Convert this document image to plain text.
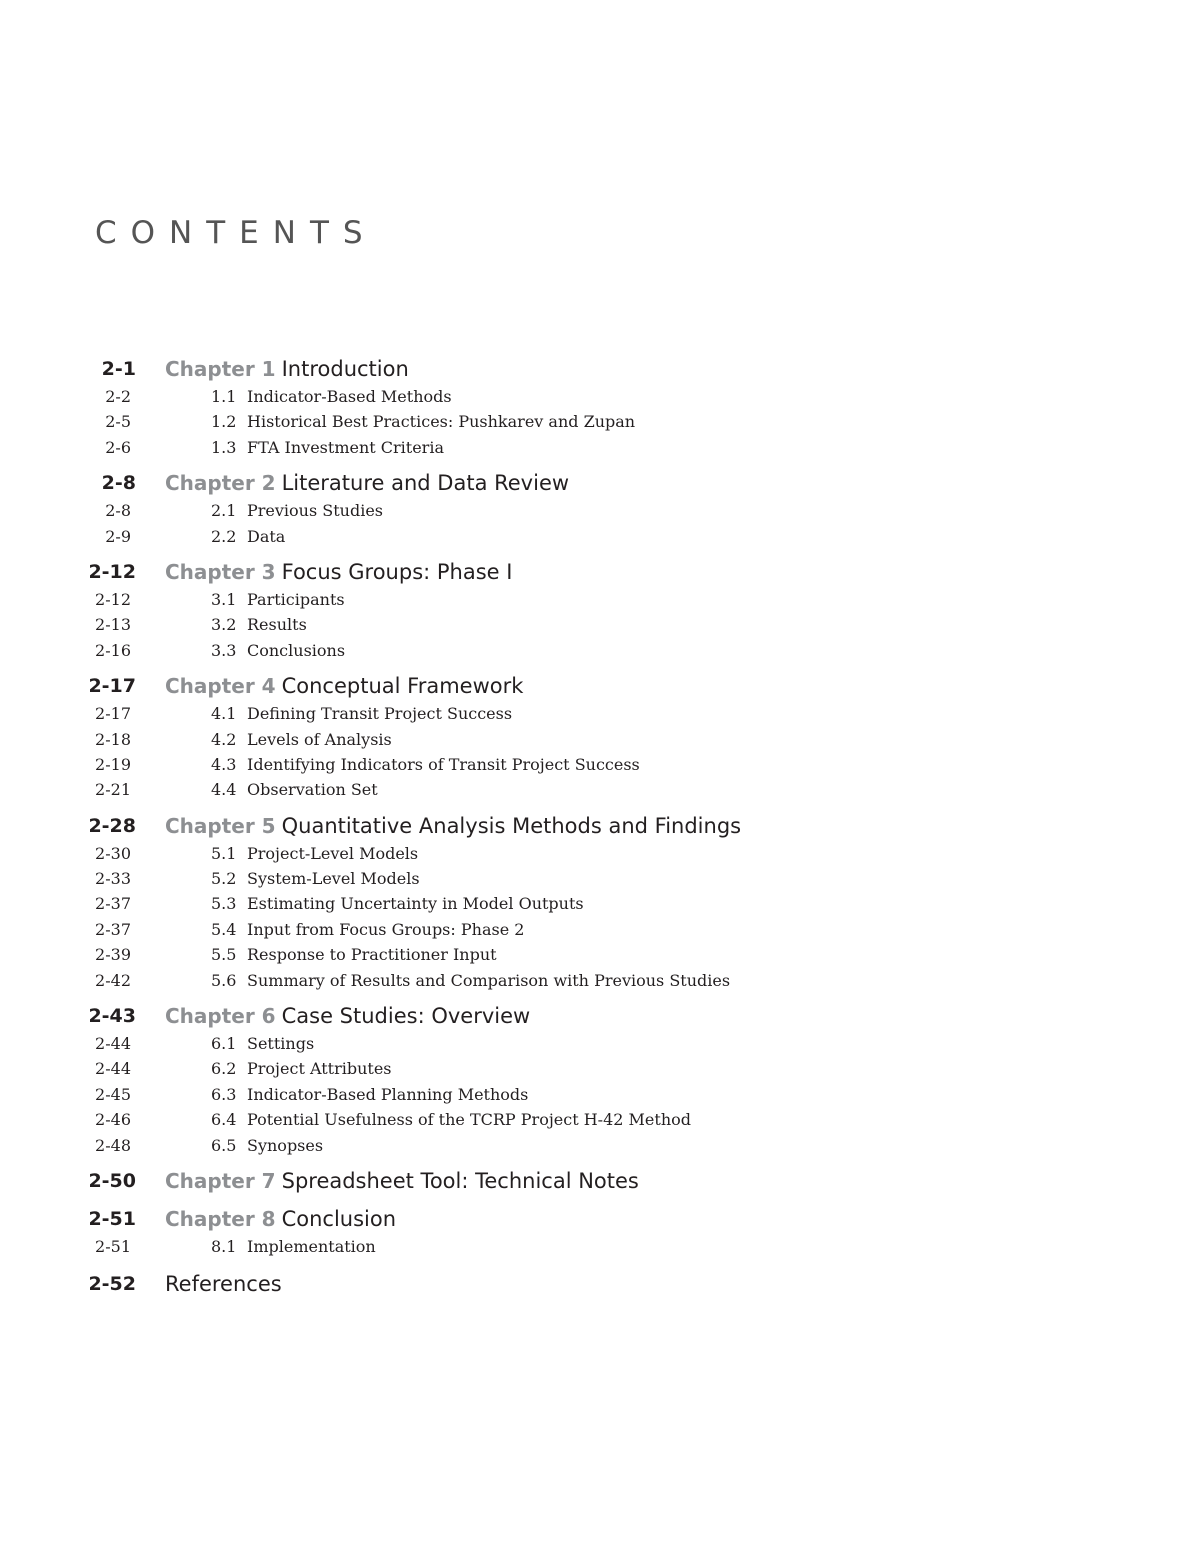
CONTENTS
2-1 Chapter 1 Introduction
2-2	1.1 Indicator-Based Methods
2-5	1.2 Historical Best Practices: Pushkarev and Zupan
2-6	1.3 FTA Investment Criteria
2-8 Chapter 2 Literature and Data Review
2-8	2.1 Previous Studies
2-9	2.2 Data
2-12 Chapter 3 Focus Groups: Phase I
2-12	3.1 Participants
2-13	3.2 Results
2-16	3.3 Conclusions
2-17 Chapter 4 Conceptual Framework
2-17	4.1 Defining Transit Project Success
2-18	4.2 Levels of Analysis
2-19	4.3 Identifying Indicators of Transit Project Success
2-21	4.4 Observation Set
2-28 Chapter 5 Quantitative Analysis Methods and Findings
2-30	5.1 Project-Level Models
2-33	5.2 System-Level Models
2-37	5.3 Estimating Uncertainty in Model Outputs
2-37	5.4 Input from Focus Groups: Phase 2
2-39	5.5 Response to Practitioner Input
2-42	5.6 Summary of Results and Comparison with Previous Studies
2-43 Chapter 6 Case Studies: Overview
2-44	6.1 Settings
2-44	6.2 Project Attributes
2-45	6.3 Indicator-Based Planning Methods
2-46	6.4 Potential Usefulness of the TCRP Project H-42 Method
2-48	6.5 Synopses
2-50 Chapter 7 Spreadsheet Tool: Technical Notes
2-51 Chapter 8 Conclusion
2-51	8.1 Implementation
2-52 References
